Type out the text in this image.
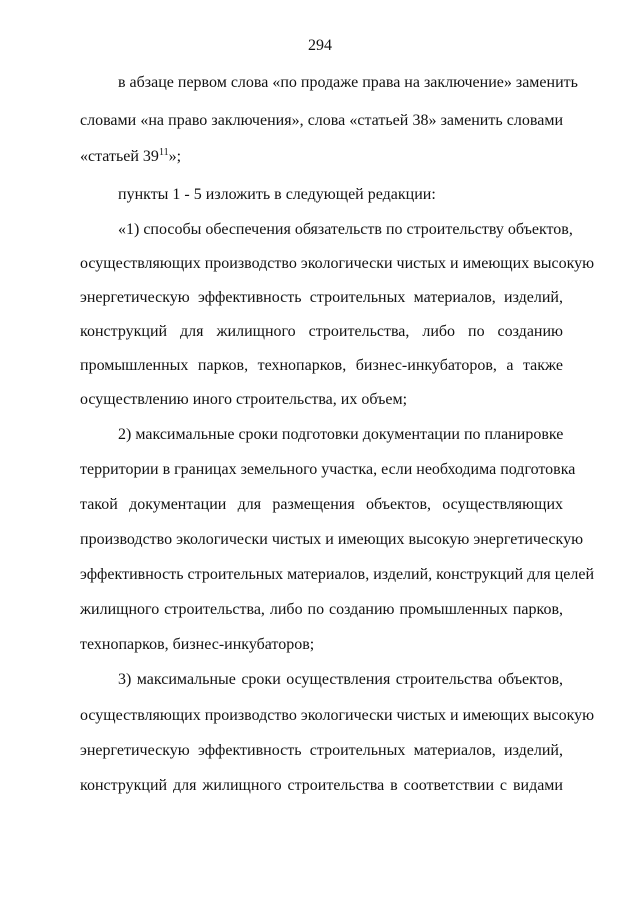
294
в абзаце первом слова «по продаже права на заключение» заменить
словами «на право заключения», слова «статьей 38» заменить словами
«статьей $39^{11}$»;
пункты 1 - 5 изложить в следующей редакции:
«1) способы обеспечения обязательств по строительству объектов,
осуществляющих производство экологически чистых и имеющих высокую
энергетическую эффективность строительных материалов, изделий,
конструкций для жилищного строительства, либо по созданию
промышленных парков, технопарков, бизнес-инкубаторов, а также
осуществлению иного строительства, их объем;
2) максимальные сроки подготовки документации по планировке
территории в границах земельного участка, если необходима подготовка
такой документации для размещения объектов, осуществляющих
производство экологически чистых и имеющих высокую энергетическую
эффективность строительных материалов, изделий, конструкций для целей
жилищного строительства, либо по созданию промышленных парков,
технопарков, бизнес-инкубаторов;
3) максимальные сроки осуществления строительства объектов,
осуществляющих производство экологически чистых и имеющих высокую
энергетическую эффективность строительных материалов, изделий,
конструкций для жилищного строительства в соответствии с видами
